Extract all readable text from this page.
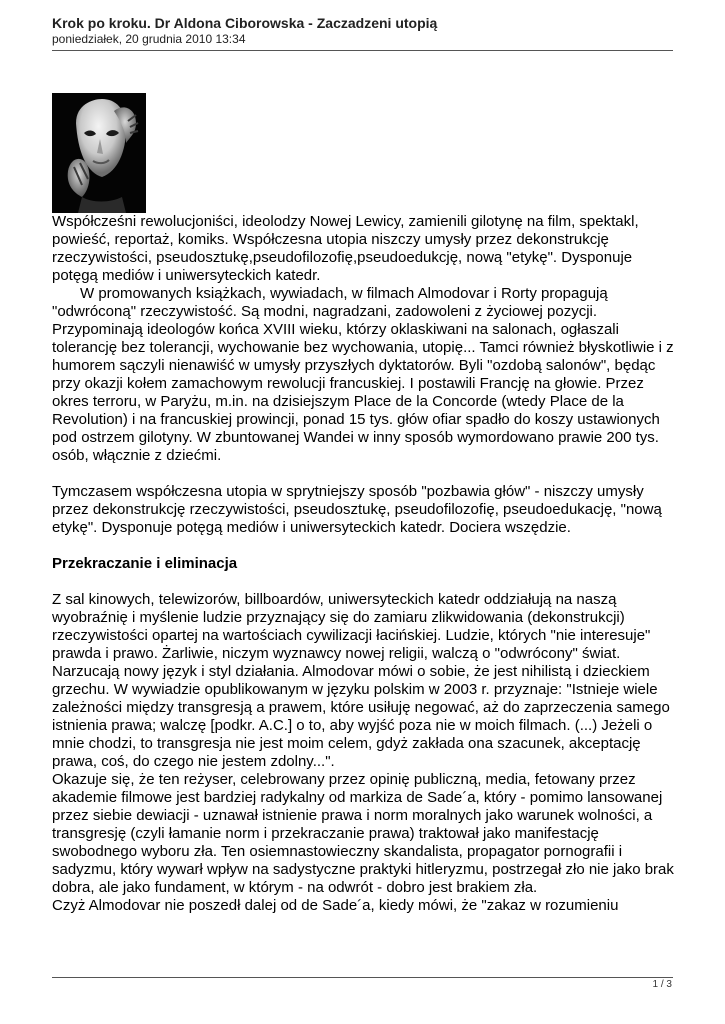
Krok po kroku. Dr Aldona Ciborowska - Zaczadzeni utopią
poniedziałek, 20 grudnia 2010 13:34

Współcześni rewolucjoniści, ideolodzy Nowej Lewicy, zamienili gilotynę na film, spektakl, powieść, reportaż, komiks. Współczesna utopia niszczy umysły przez dekonstrukcję rzeczywistości, pseudosztukę,pseudofilozofię,pseudoedukcję, nową "etykę". Dysponuje potęgą mediów i uniwersyteckich katedr.

W promowanych książkach, wywiadach, w filmach Almodovar i Rorty propagują "odwróconą" rzeczywistość. Są modni, nagradzani, zadowoleni z życiowej pozycji. Przypominają ideologów końca XVIII wieku, którzy oklaskiwani na salonach, ogłaszali tolerancję bez tolerancji, wychowanie bez wychowania, utopię... Tamci również błyskotliwie i z humorem sączyli nienawiść w umysły przyszłych dyktatorów. Byli "ozdobą salonów", będąc przy okazji kołem zamachowym rewolucji francuskiej. I postawili Francję na głowie. Przez okres terroru, w Paryżu, m.in. na dzisiejszym Place de la Concorde (wtedy Place de la Revolution) i na francuskiej prowincji, ponad 15 tys. głów ofiar spadło do koszy ustawionych pod ostrzem gilotyny. W zbuntowanej Wandei w inny sposób wymordowano prawie 200 tys. osób, włącznie z dziećmi.

Tymczasem współczesna utopia w sprytniejszy sposób "pozbawia głów" - niszczy umysły przez dekonstrukcję rzeczywistości, pseudosztukę, pseudofilozofię, pseudoedukację, "nową etykę". Dysponuje potęgą mediów i uniwersyteckich katedr. Dociera wszędzie.

Przekraczanie i eliminacja

Z sal kinowych, telewizorów, billboardów, uniwersyteckich katedr oddziałują na naszą wyobraźnię i myślenie ludzie przyznający się do zamiaru zlikwidowania (dekonstrukcji) rzeczywistości opartej na wartościach cywilizacji łacińskiej. Ludzie, których "nie interesuje" prawda i prawo. Żarliwie, niczym wyznawcy nowej religii, walczą o "odwrócony" świat. Narzucają nowy język i styl działania. Almodovar mówi o sobie, że jest nihilistą i dzieckiem grzechu. W wywiadzie opublikowanym w języku polskim w 2003 r. przyznaje: "Istnieje wiele zależności między transgresją a prawem, które usiłuję negować, aż do zaprzeczenia samego istnienia prawa; walczę [podkr. A.C.] o to, aby wyjść poza nie w moich filmach. (...) Jeżeli o mnie chodzi, to transgresja nie jest moim celem, gdyż zakłada ona szacunek, akceptację prawa, coś, do czego nie jestem zdolny...".

Okazuje się, że ten reżyser, celebrowany przez opinię publiczną, media, fetowany przez akademie filmowe jest bardziej radykalny od markiza de Sade´a, który - pomimo lansowanej przez siebie dewiacji - uznawał istnienie prawa i norm moralnych jako warunek wolności, a transgresję (czyli łamanie norm i przekraczanie prawa) traktował jako manifestację swobodnego wyboru zła. Ten osiemnastowieczny skandalista, propagator pornografii i sadyzmu, który wywarł wpływ na sadystyczne praktyki hitleryzmu, postrzegał zło nie jako brak dobra, ale jako fundament, w którym - na odwrót - dobro jest brakiem zła.

Czyż Almodovar nie poszedł dalej od de Sade´a, kiedy mówi, że "zakaz w rozumieniu

1 / 3
